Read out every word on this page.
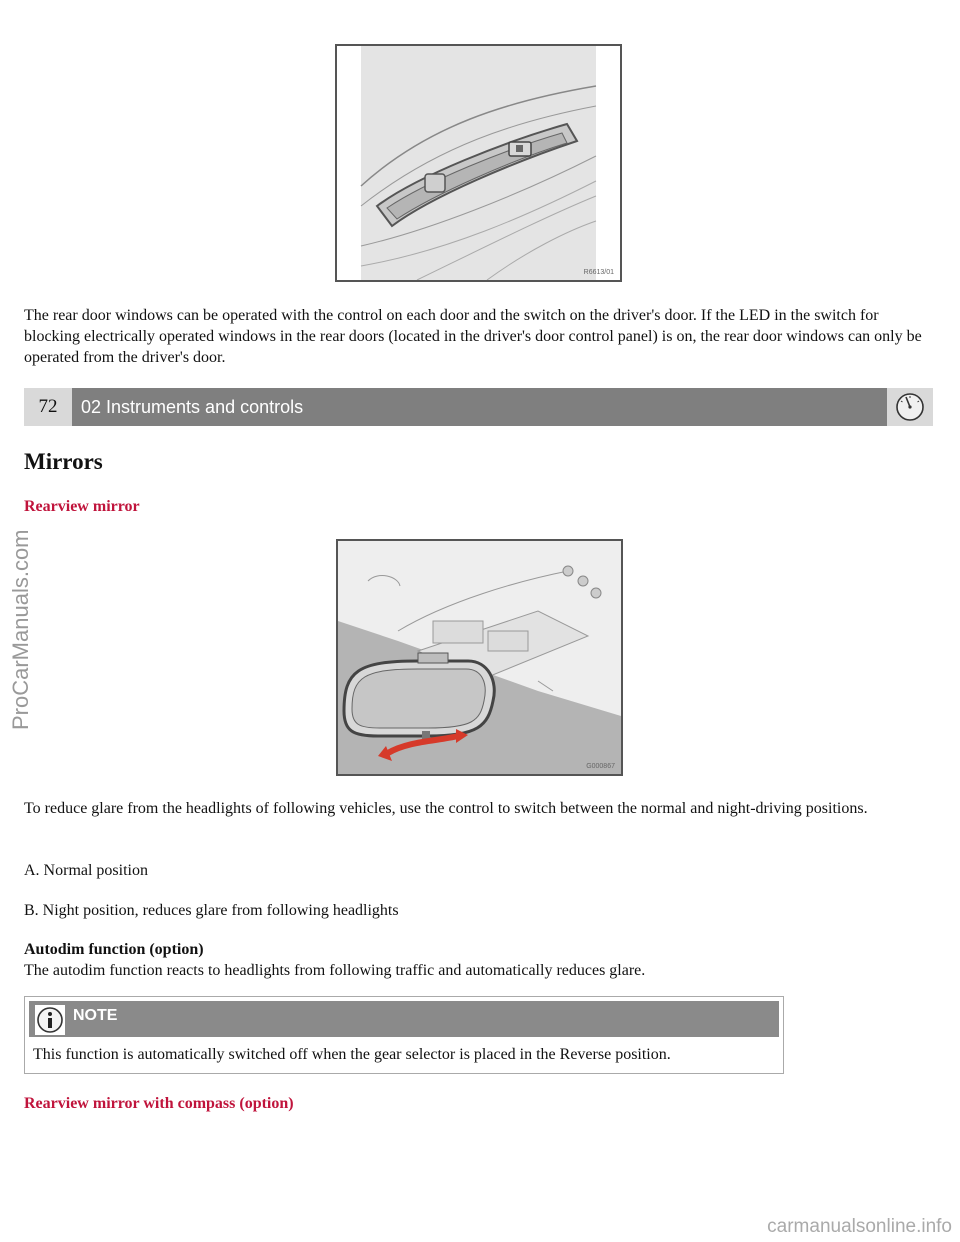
R6613/01

The rear door windows can be operated with the control on each door and the switch on the driver's door. If the LED in the switch for blocking electrically operated windows in the rear doors (located in the driver's door control panel) is on, the rear door windows can only be operated from the driver's door.

72	02 Instruments and controls
Mirrors

Rearview mirror

G000867

To reduce glare from the headlights of following vehicles, use the control to switch between the normal and night-driving positions.

A. Normal position

B. Night position, reduces glare from following headlights

Autodim function (option)
The autodim function reacts to headlights from following traffic and automatically reduces glare.

NOTE
This function is automatically switched off when the gear selector is placed in the Reverse position.

Rearview mirror with compass (option)

ProCarManuals.com
carmanualsonline.info
